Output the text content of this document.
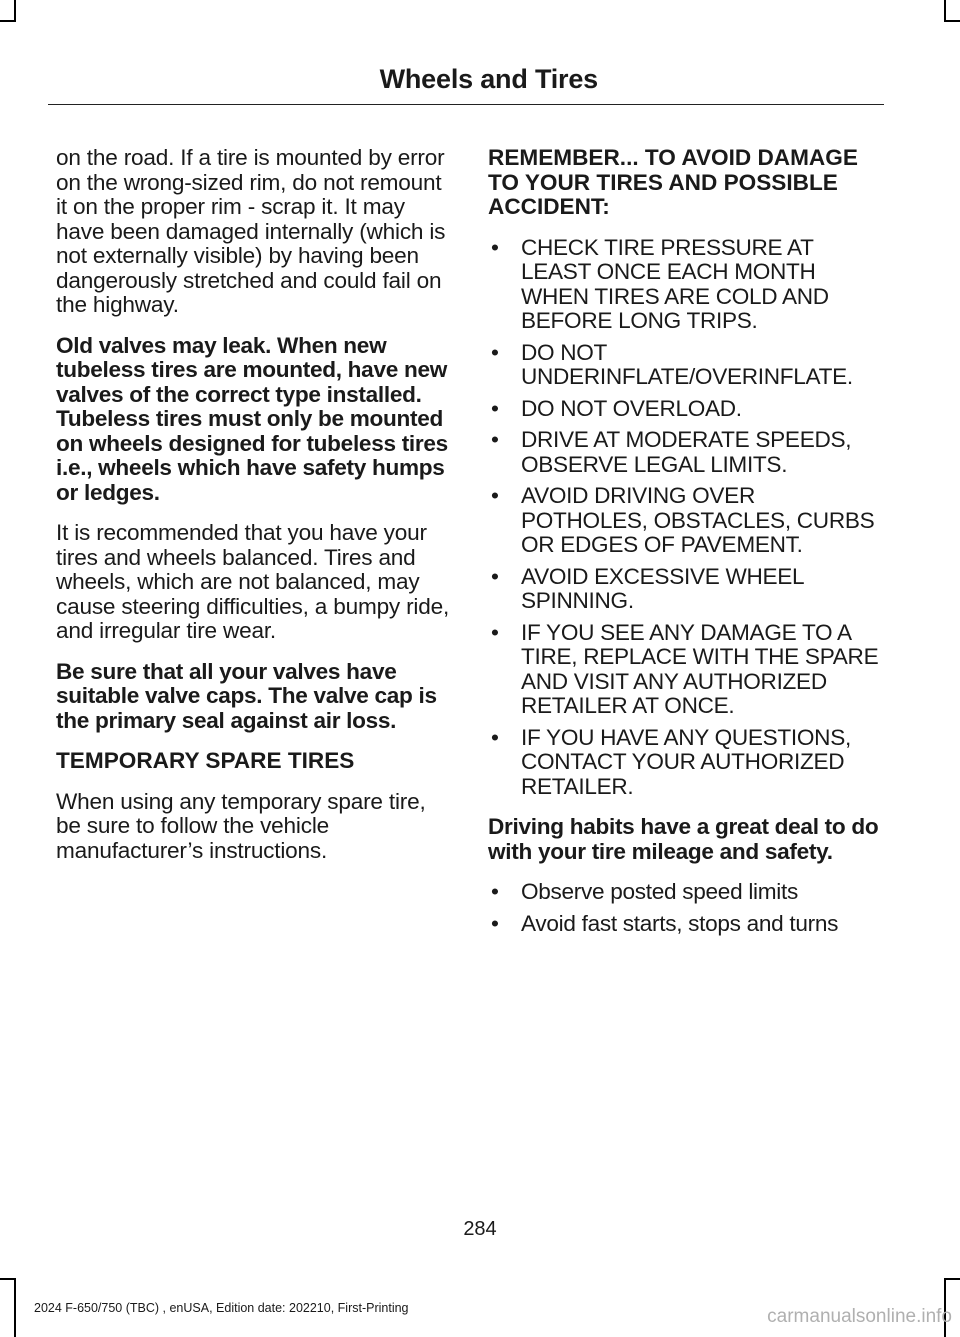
Wheels and Tires

on the road. If a tire is mounted by error on the wrong-sized rim, do not remount it on the proper rim - scrap it. It may have been damaged internally (which is not externally visible) by having been dangerously stretched and could fail on the highway.

Old valves may leak. When new tubeless tires are mounted, have new valves of the correct type installed. Tubeless tires must only be mounted on wheels designed for tubeless tires i.e., wheels which have safety humps or ledges.

It is recommended that you have your tires and wheels balanced. Tires and wheels, which are not balanced, may cause steering difficulties, a bumpy ride, and irregular tire wear.

Be sure that all your valves have suitable valve caps. The valve cap is the primary seal against air loss.

TEMPORARY SPARE TIRES

When using any temporary spare tire, be sure to follow the vehicle manufacturer’s instructions.

REMEMBER... TO AVOID DAMAGE TO YOUR TIRES AND POSSIBLE ACCIDENT:

• CHECK TIRE PRESSURE AT LEAST ONCE EACH MONTH WHEN TIRES ARE COLD AND BEFORE LONG TRIPS.
• DO NOT UNDERINFLATE/OVERINFLATE.
• DO NOT OVERLOAD.
• DRIVE AT MODERATE SPEEDS, OBSERVE LEGAL LIMITS.
• AVOID DRIVING OVER POTHOLES, OBSTACLES, CURBS OR EDGES OF PAVEMENT.
• AVOID EXCESSIVE WHEEL SPINNING.
• IF YOU SEE ANY DAMAGE TO A TIRE, REPLACE WITH THE SPARE AND VISIT ANY AUTHORIZED RETAILER AT ONCE.
• IF YOU HAVE ANY QUESTIONS, CONTACT YOUR AUTHORIZED RETAILER.

Driving habits have a great deal to do with your tire mileage and safety.

• Observe posted speed limits
• Avoid fast starts, stops and turns

284

2024 F-650/750 (TBC) , enUSA, Edition date: 202210, First-Printing	carmanualsonline.info
